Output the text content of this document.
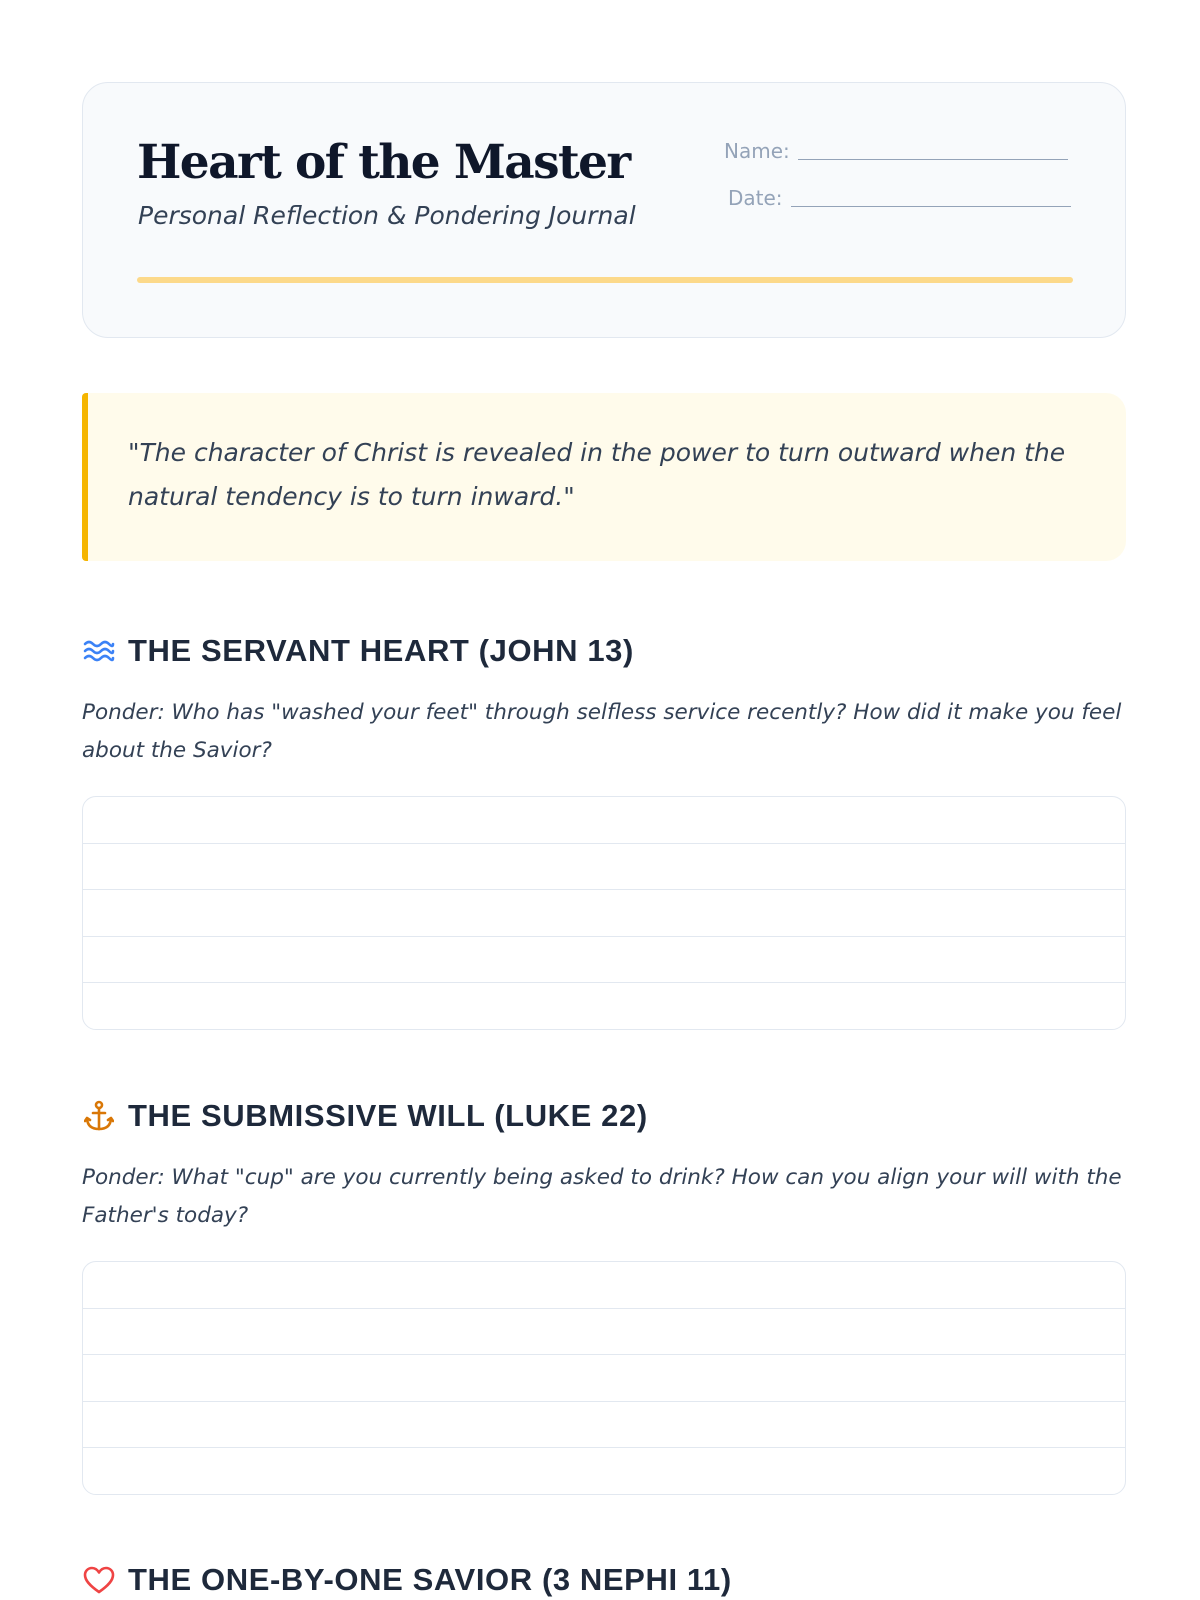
Heart of the Master
Personal Reflection & Pondering Journal
Name:
Date:

"The character of Christ is revealed in the power to turn outward when the natural tendency is to turn inward."

THE SERVANT HEART (JOHN 13)

Ponder: Who has "washed your feet" through selfless service recently? How did it make you feel about the Savior?

THE SUBMISSIVE WILL (LUKE 22)

Ponder: What "cup" are you currently being asked to drink? How can you align your will with the Father's today?

THE ONE-BY-ONE SAVIOR (3 NEPHI 11)
